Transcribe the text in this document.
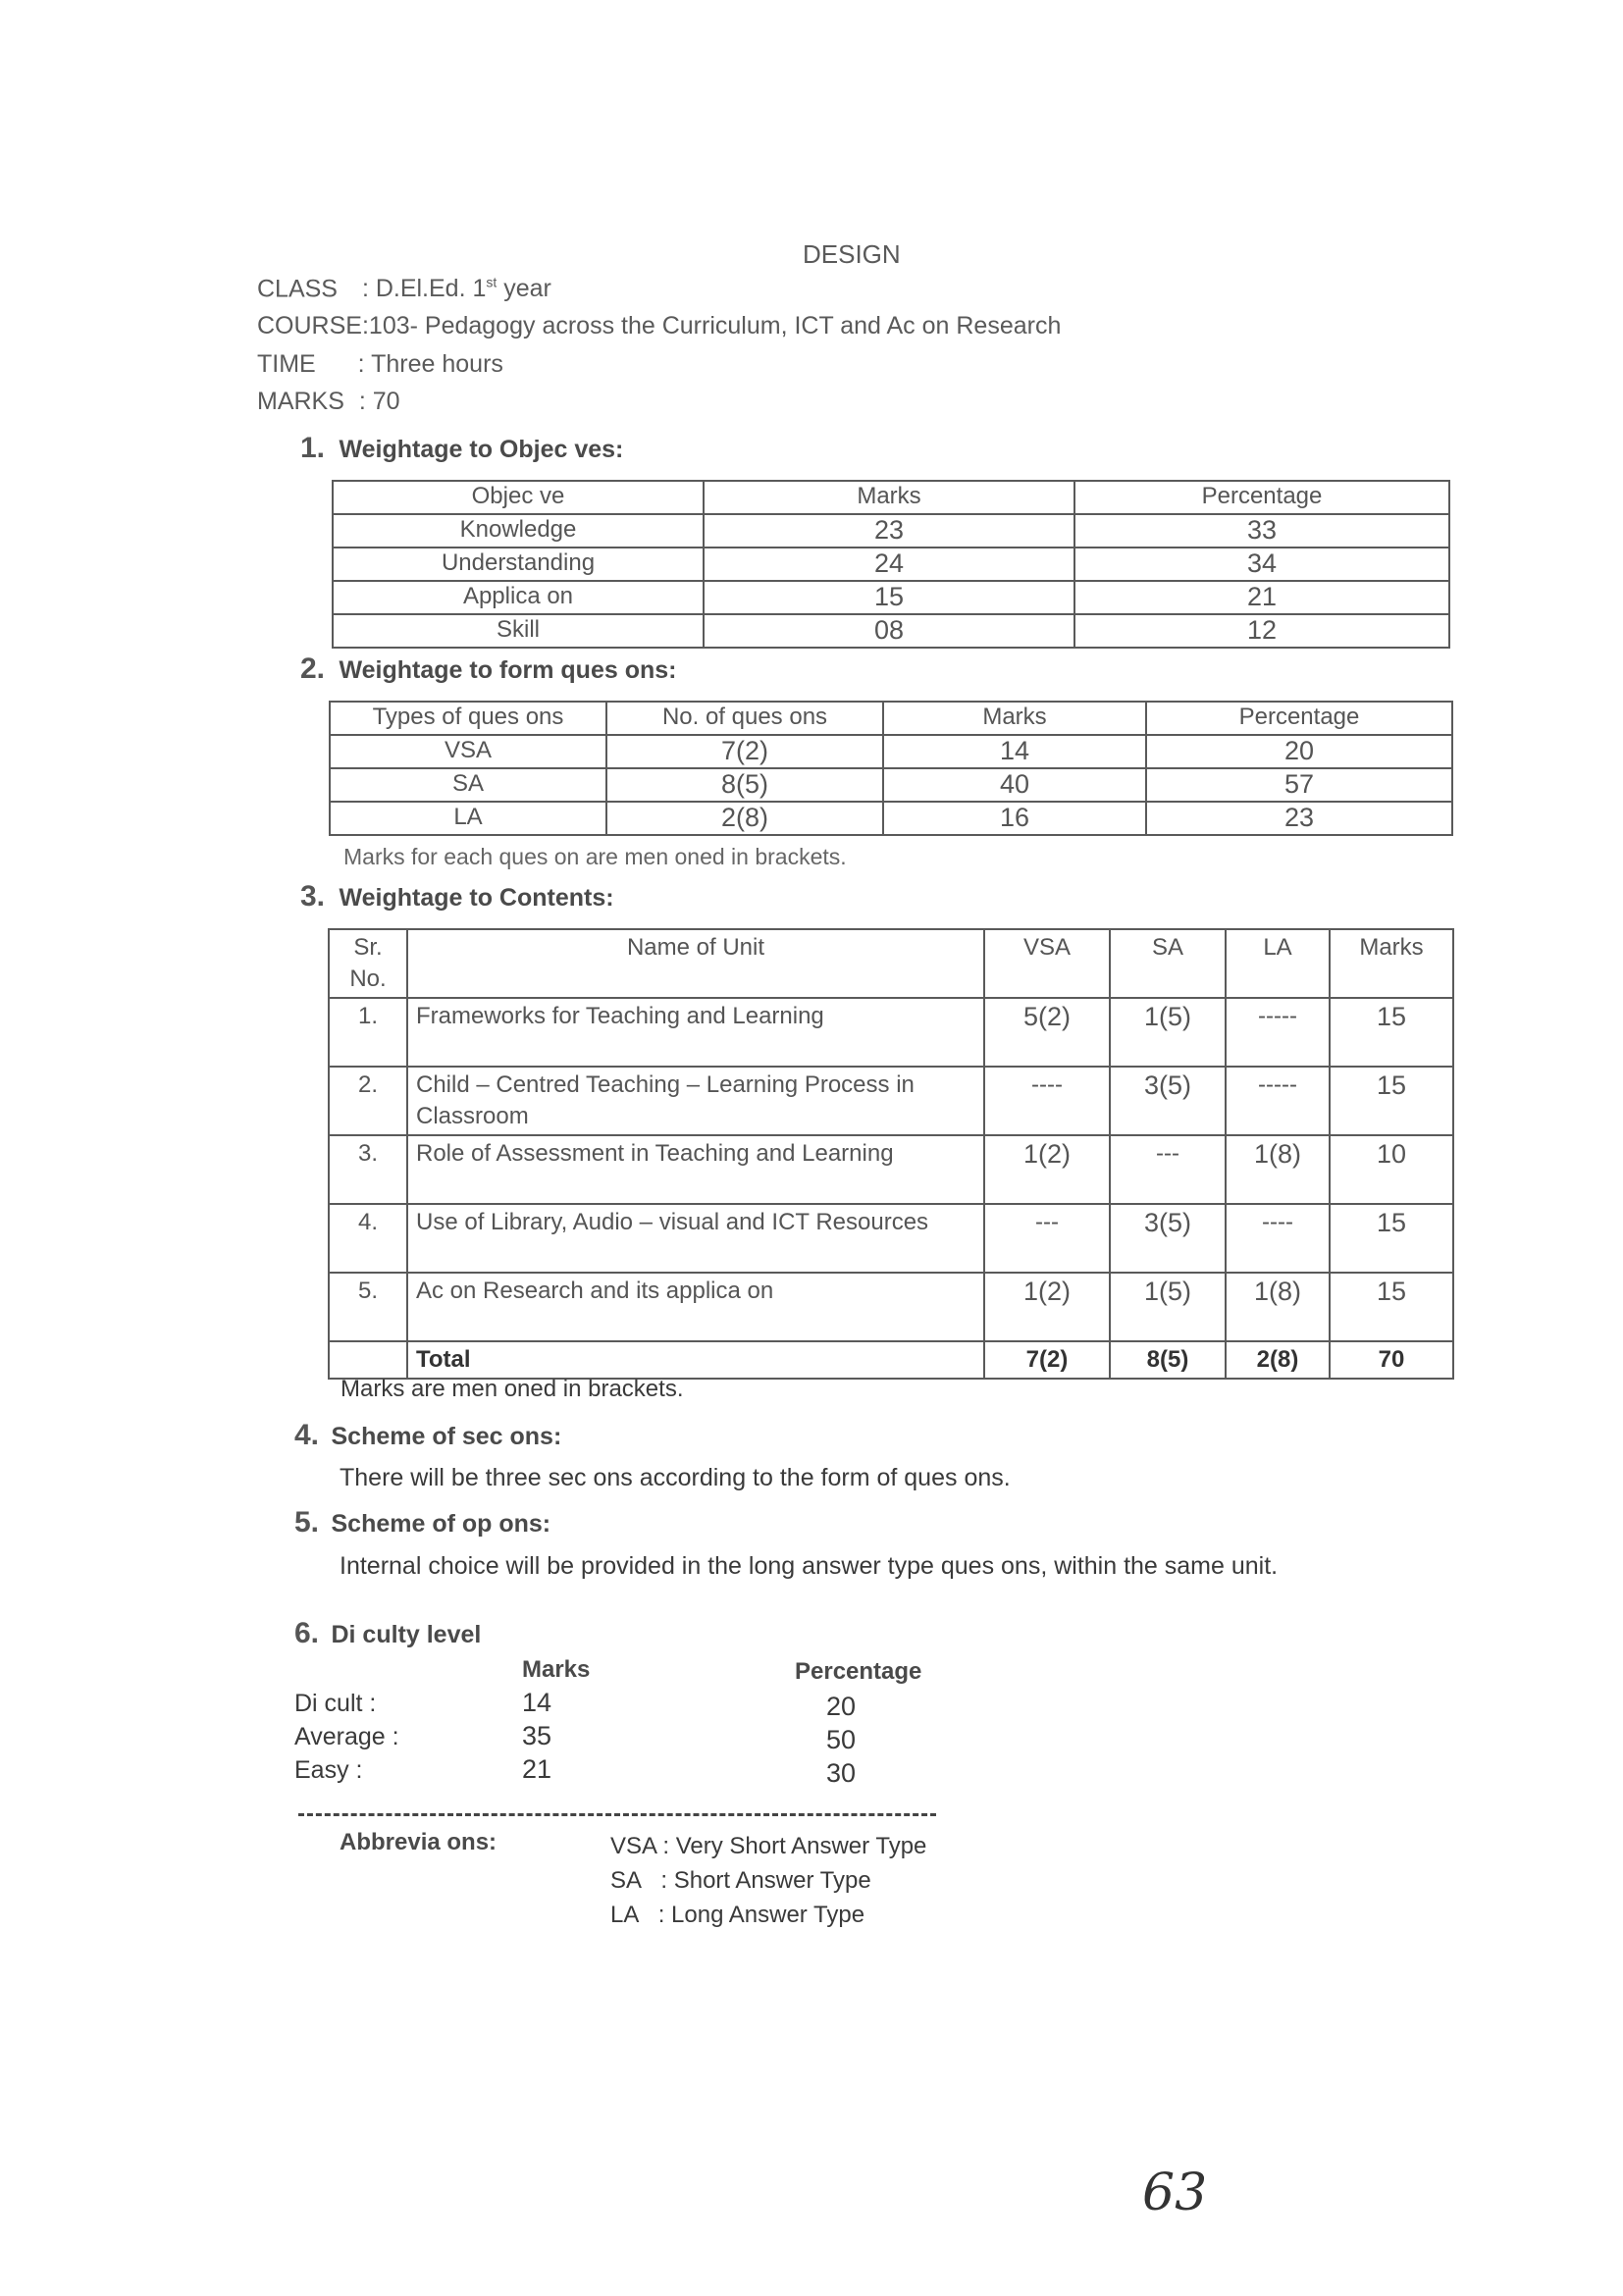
DESIGN
CLASS : D.El.Ed. 1st year
COURSE:103- Pedagogy across the Curriculum, ICT and Ac on Research
TIME : Three hours
MARKS : 70
1. Weightage to Objec ves:
Objec ve	Marks	Percentage
Knowledge	23	33
Understanding	24	34
Applica on	15	21
Skill	08	12
2. Weightage to form ques ons:
Types of ques ons	No. of ques ons	Marks	Percentage
VSA	7(2)	14	20
SA	8(5)	40	57
LA	2(8)	16	23
Marks for each ques on are men oned in brackets.
3. Weightage to Contents:
Sr. No.	Name of Unit	VSA	SA	LA	Marks
1.	Frameworks for Teaching and Learning	5(2)	1(5)	-----	15
2.	Child – Centred Teaching – Learning Process in Classroom	----	3(5)	-----	15
3.	Role of Assessment in Teaching and Learning	1(2)	---	1(8)	10
4.	Use of Library, Audio – visual and ICT Resources	---	3(5)	----	15
5.	Ac on Research and its applica on	1(2)	1(5)	1(8)	15
	Total	7(2)	8(5)	2(8)	70
Marks are men oned in brackets.
4. Scheme of sec ons:
There will be three sec ons according to the form of ques ons.
5. Scheme of op ons:
Internal choice will be provided in the long answer type ques ons, within the same unit.
6. Di culty level
Marks	Percentage
Di cult :	14	20
Average :	35	50
Easy :	21	30
Abbrevia ons:	VSA : Very Short Answer Type
SA : Short Answer Type
LA : Long Answer Type
63
